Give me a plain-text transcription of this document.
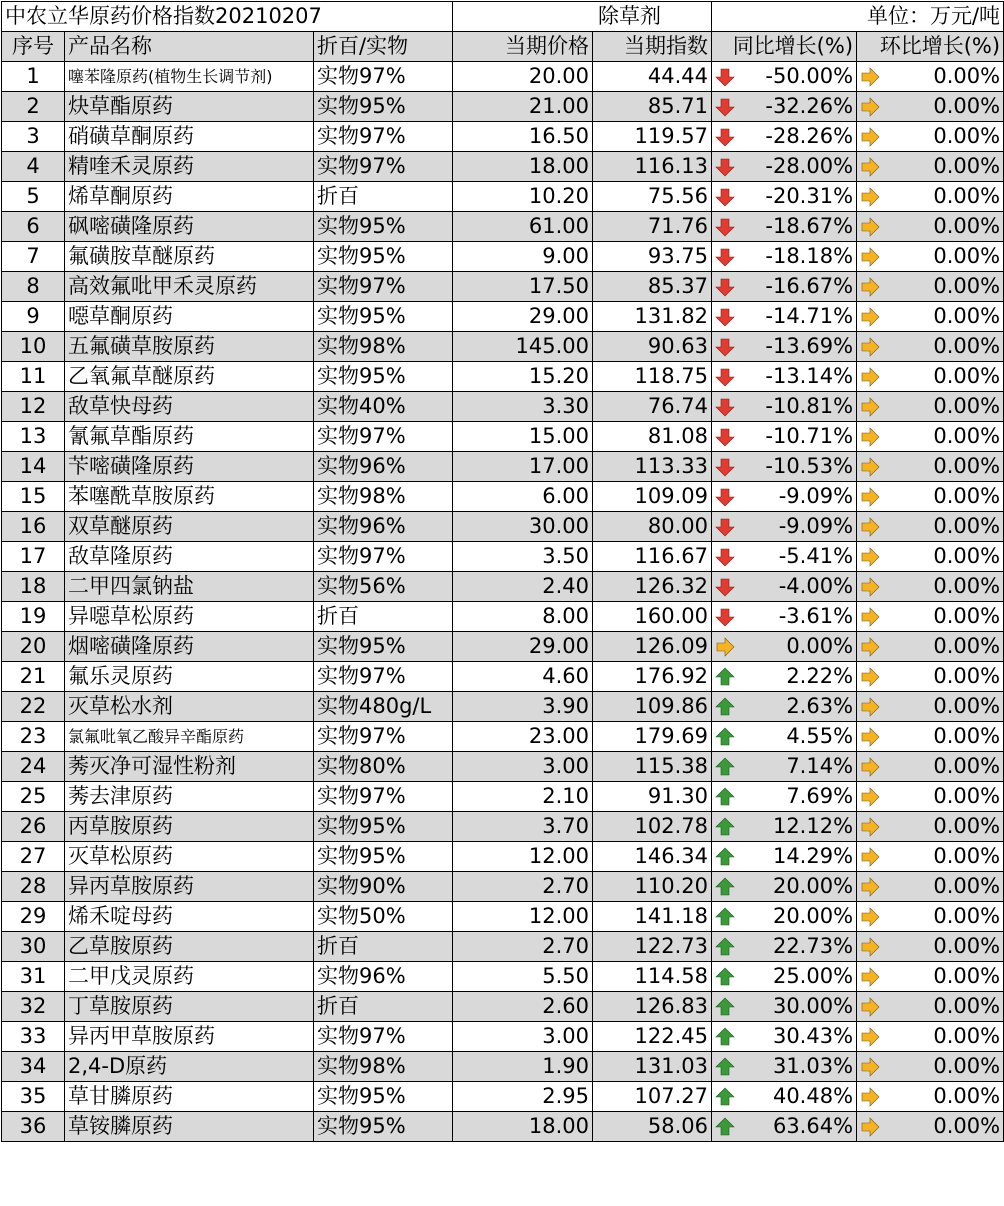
中农立华原药价格指数20210207			除草剂		单位：万元/吨	
序号	产品名称	折百/实物	当期价格	当期指数	同比增长(%)	环比增长(%)
1	噻苯隆原药(植物生长调节剂)	实物97%	20.00	44.44	-50.00%	0.00%
2	炔草酯原药	实物95%	21.00	85.71	-32.26%	0.00%
3	硝磺草酮原药	实物97%	16.50	119.57	-28.26%	0.00%
4	精喹禾灵原药	实物97%	18.00	116.13	-28.00%	0.00%
5	烯草酮原药	折百	10.20	75.56	-20.31%	0.00%
6	砜嘧磺隆原药	实物95%	61.00	71.76	-18.67%	0.00%
7	氟磺胺草醚原药	实物95%	9.00	93.75	-18.18%	0.00%
8	高效氟吡甲禾灵原药	实物97%	17.50	85.37	-16.67%	0.00%
9	噁草酮原药	实物95%	29.00	131.82	-14.71%	0.00%
10	五氟磺草胺原药	实物98%	145.00	90.63	-13.69%	0.00%
11	乙氧氟草醚原药	实物95%	15.20	118.75	-13.14%	0.00%
12	敌草快母药	实物40%	3.30	76.74	-10.81%	0.00%
13	氰氟草酯原药	实物97%	15.00	81.08	-10.71%	0.00%
14	苄嘧磺隆原药	实物96%	17.00	113.33	-10.53%	0.00%
15	苯噻酰草胺原药	实物98%	6.00	109.09	-9.09%	0.00%
16	双草醚原药	实物96%	30.00	80.00	-9.09%	0.00%
17	敌草隆原药	实物97%	3.50	116.67	-5.41%	0.00%
18	二甲四氯钠盐	实物56%	2.40	126.32	-4.00%	0.00%
19	异噁草松原药	折百	8.00	160.00	-3.61%	0.00%
20	烟嘧磺隆原药	实物95%	29.00	126.09	0.00%	0.00%
21	氟乐灵原药	实物97%	4.60	176.92	2.22%	0.00%
22	灭草松水剂	实物480g/L	3.90	109.86	2.63%	0.00%
23	氯氟吡氧乙酸异辛酯原药	实物97%	23.00	179.69	4.55%	0.00%
24	莠灭净可湿性粉剂	实物80%	3.00	115.38	7.14%	0.00%
25	莠去津原药	实物97%	2.10	91.30	7.69%	0.00%
26	丙草胺原药	实物95%	3.70	102.78	12.12%	0.00%
27	灭草松原药	实物95%	12.00	146.34	14.29%	0.00%
28	异丙草胺原药	实物90%	2.70	110.20	20.00%	0.00%
29	烯禾啶母药	实物50%	12.00	141.18	20.00%	0.00%
30	乙草胺原药	折百	2.70	122.73	22.73%	0.00%
31	二甲戊灵原药	实物96%	5.50	114.58	25.00%	0.00%
32	丁草胺原药	折百	2.60	126.83	30.00%	0.00%
33	异丙甲草胺原药	实物97%	3.00	122.45	30.43%	0.00%
34	2,4-D原药	实物98%	1.90	131.03	31.03%	0.00%
35	草甘膦原药	实物95%	2.95	107.27	40.48%	0.00%
36	草铵膦原药	实物95%	18.00	58.06	63.64%	0.00%
